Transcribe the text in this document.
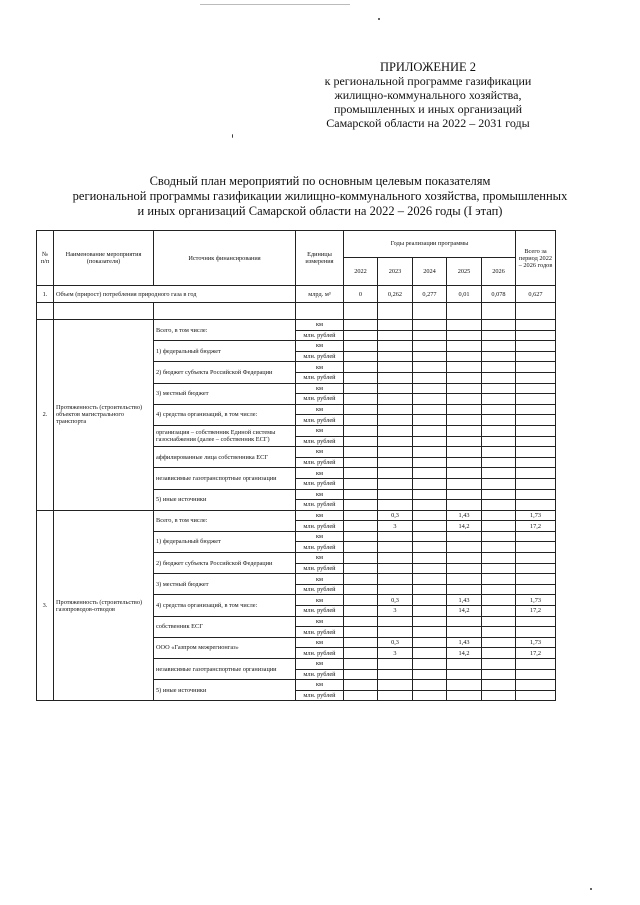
ПРИЛОЖЕНИЕ 2
к региональной программе газификации
жилищно-коммунального хозяйства,
промышленных и иных организаций
Самарской области на 2022 – 2031 годы
Сводный план мероприятий по основным целевым показателям
региональной программы газификации жилищно-коммунального хозяйства, промышленных
и иных организаций Самарской области на 2022 – 2026 годы (I этап)
№ п/п	Наименование мероприятия (показателя)	Источник финансирования	Единицы измерения	Годы реализации программы					Всего за период 2022 – 2026 годов
				2022	2023	2024	2025	2026	
1.	Объем (прирост) потребления природного газа в год		млрд. м³	0	0,262	0,277	0,01	0,078	0,627

2.	Протяженность (строительство) объектов магистрального транспорта	Всего, в том числе:	км						
			млн. рублей						
		1) федеральный бюджет	км						
			млн. рублей						
		2) бюджет субъекта Российской Федерации	км						
			млн. рублей						
		3) местный бюджет	км						
			млн. рублей						
		4) средства организаций, в том числе:	км						
			млн. рублей						
		организация – собственник Единой системы газоснабжения (далее – собственник ЕСГ)	км						
			млн. рублей						
		аффилированные лица собственника ЕСГ	км						
			млн. рублей						
		независимые газотранспортные организации	км						
			млн. рублей						
		5) иные источники	км						
			млн. рублей						
3.	Протяженность (строительство) газопроводов-отводов	Всего, в том числе:	км		0,3		1,43		1,73
			млн. рублей		3		14,2		17,2
		1) федеральный бюджет	км						
			млн. рублей						
		2) бюджет субъекта Российской Федерации	км						
			млн. рублей						
		3) местный бюджет	км						
			млн. рублей						
		4) средства организаций, в том числе:	км		0,3		1,43		1,73
			млн. рублей		3		14,2		17,2
		собственник ЕСГ	км						
			млн. рублей						
		ООО «Газпром межрегионгаз»	км		0,3		1,43		1,73
			млн. рублей		3		14,2		17,2
		независимые газотранспортные организации	км						
			млн. рублей						
		5) иные источники	км						
			млн. рублей						
